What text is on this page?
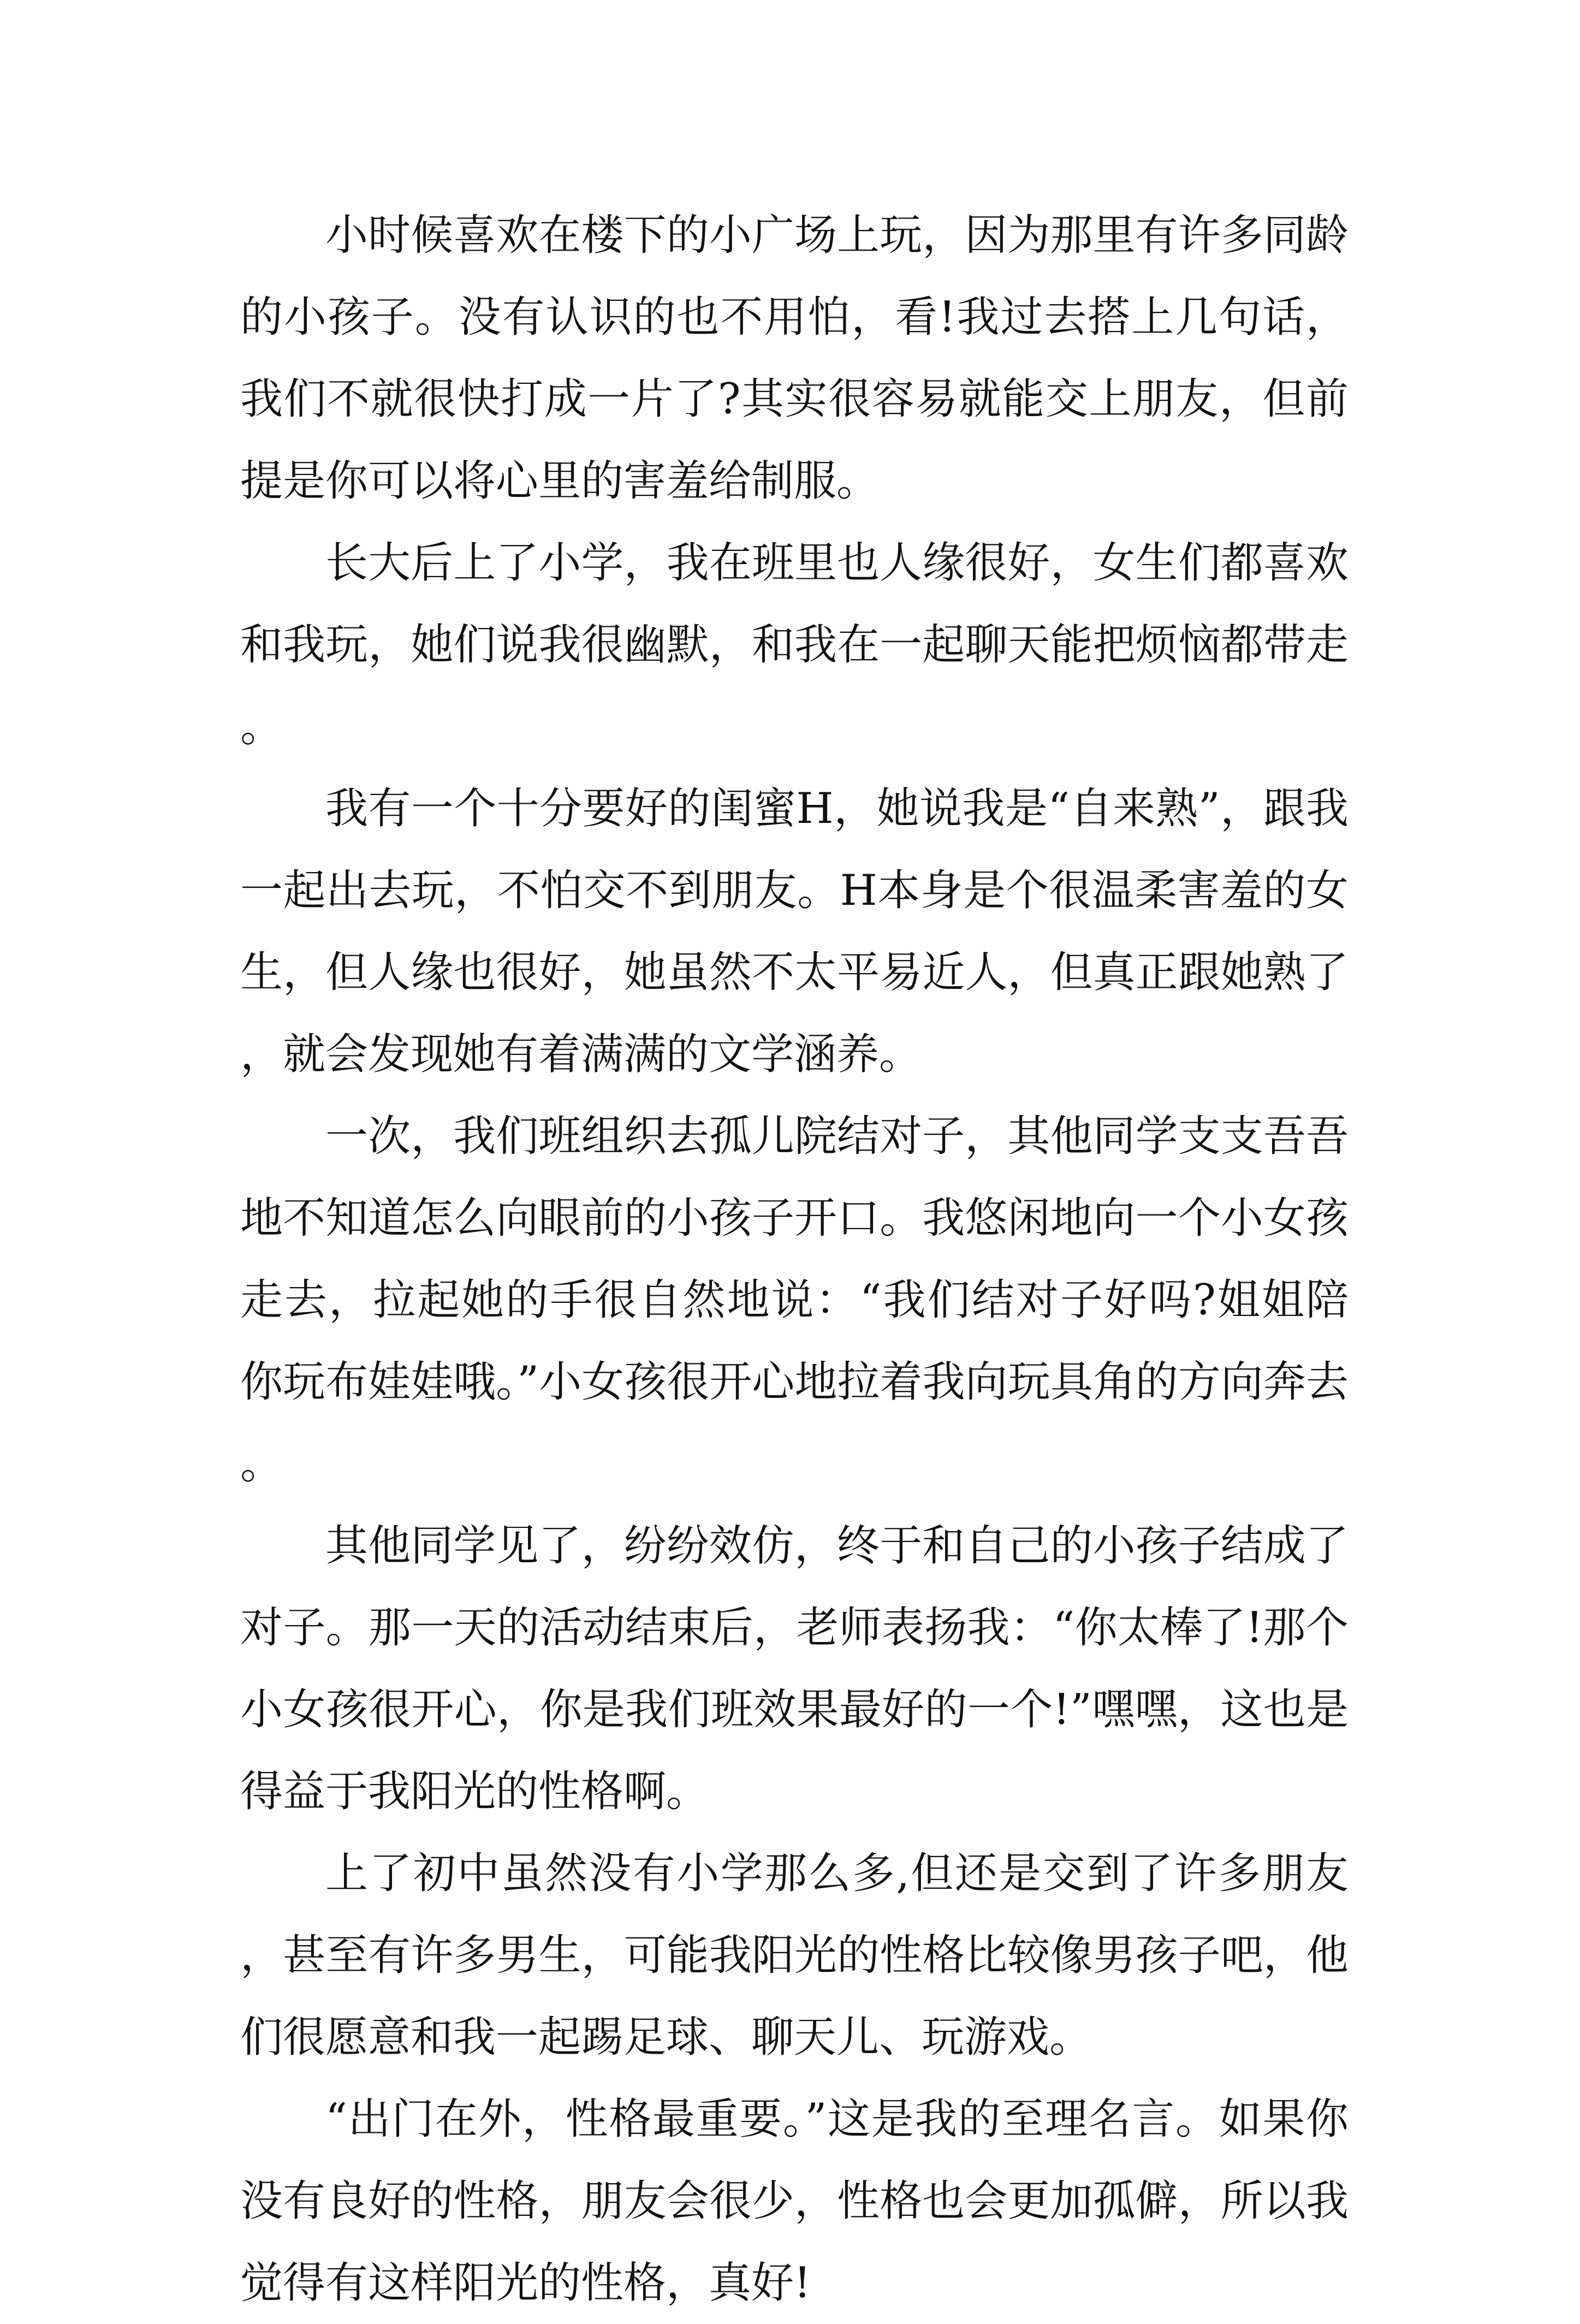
小时候喜欢在楼下的小广场上玩，因为那里有许多同龄的小孩子。没有认识的也不用怕，看!我过去搭上几句话，我们不就很快打成一片了?其实很容易就能交上朋友，但前提是你可以将心里的害羞给制服。

长大后上了小学，我在班里也人缘很好，女生们都喜欢和我玩，她们说我很幽默，和我在一起聊天能把烦恼都带走。

我有一个十分要好的闺蜜H，她说我是“自来熟”，跟我一起出去玩，不怕交不到朋友。H本身是个很温柔害羞的女生，但人缘也很好，她虽然不太平易近人，但真正跟她熟了，就会发现她有着满满的文学涵养。

一次，我们班组织去孤儿院结对子，其他同学支支吾吾地不知道怎么向眼前的小孩子开口。我悠闲地向一个小女孩走去，拉起她的手很自然地说：“我们结对子好吗?姐姐陪你玩布娃娃哦。”小女孩很开心地拉着我向玩具角的方向奔去。

其他同学见了，纷纷效仿，终于和自己的小孩子结成了对子。那一天的活动结束后，老师表扬我：“你太棒了!那个小女孩很开心，你是我们班效果最好的一个!”嘿嘿，这也是得益于我阳光的性格啊。

上了初中虽然没有小学那么多,但还是交到了许多朋友，甚至有许多男生，可能我阳光的性格比较像男孩子吧，他们很愿意和我一起踢足球、聊天儿、玩游戏。

“出门在外，性格最重要。”这是我的至理名言。如果你没有良好的性格，朋友会很少，性格也会更加孤僻，所以我觉得有这样阳光的性格，真好!
